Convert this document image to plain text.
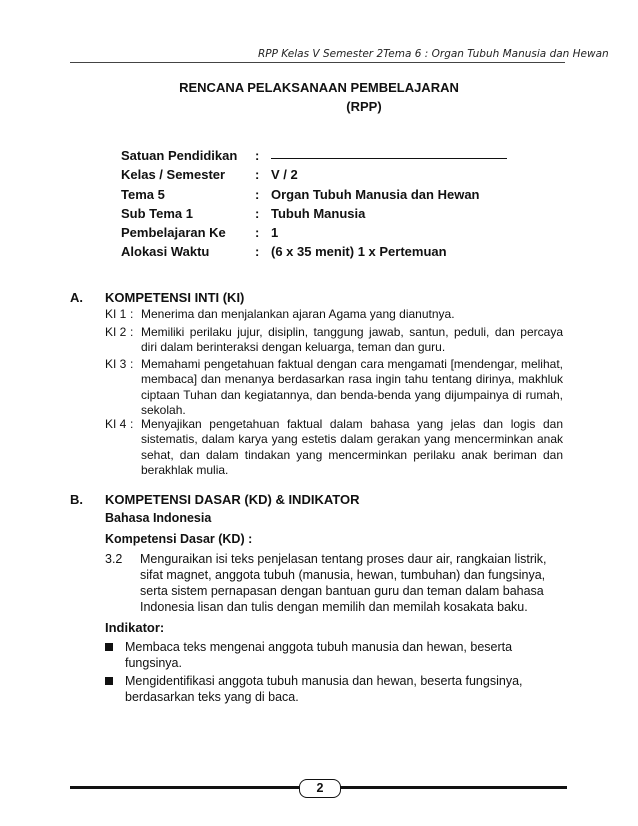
RPP Kelas V Semester 2Tema 6 : Organ Tubuh Manusia dan Hewan
RENCANA PELAKSANAAN PEMBELAJARAN
(RPP)
Satuan Pendidikan :
Kelas / Semester : V / 2
Tema 5	: Organ Tubuh Manusia dan Hewan
Sub Tema 1	: Tubuh Manusia
Pembelajaran Ke : 1
Alokasi Waktu	: (6 x 35 menit) 1 x Pertemuan
A. KOMPETENSI INTI (KI)
KI 1 : Menerima dan menjalankan ajaran Agama yang dianutnya.
KI 2 : Memiliki perilaku jujur, disiplin, tanggung jawab, santun, peduli, dan percaya diri dalam berinteraksi dengan keluarga, teman dan guru.
KI 3 : Memahami pengetahuan faktual dengan cara mengamati [mendengar, melihat, membaca] dan menanya berdasarkan rasa ingin tahu tentang dirinya, makhluk ciptaan Tuhan dan kegiatannya, dan benda-benda yang dijumpainya di rumah, sekolah.
KI 4 : Menyajikan pengetahuan faktual dalam bahasa yang jelas dan logis dan sistematis, dalam karya yang estetis dalam gerakan yang mencerminkan anak sehat, dan dalam tindakan yang mencerminkan perilaku anak beriman dan berakhlak mulia.
B. KOMPETENSI DASAR (KD) & INDIKATOR
Bahasa Indonesia
Kompetensi Dasar (KD) :
3.2 Menguraikan isi teks penjelasan tentang proses daur air, rangkaian listrik, sifat magnet, anggota tubuh (manusia, hewan, tumbuhan) dan fungsinya, serta sistem pernapasan dengan bantuan guru dan teman dalam bahasa Indonesia lisan dan tulis dengan memilih dan memilah kosakata baku.
Indikator:
Membaca teks mengenai anggota tubuh manusia dan hewan, beserta fungsinya.
Mengidentifikasi anggota tubuh manusia dan hewan, beserta fungsinya, berdasarkan teks yang di baca.
2
